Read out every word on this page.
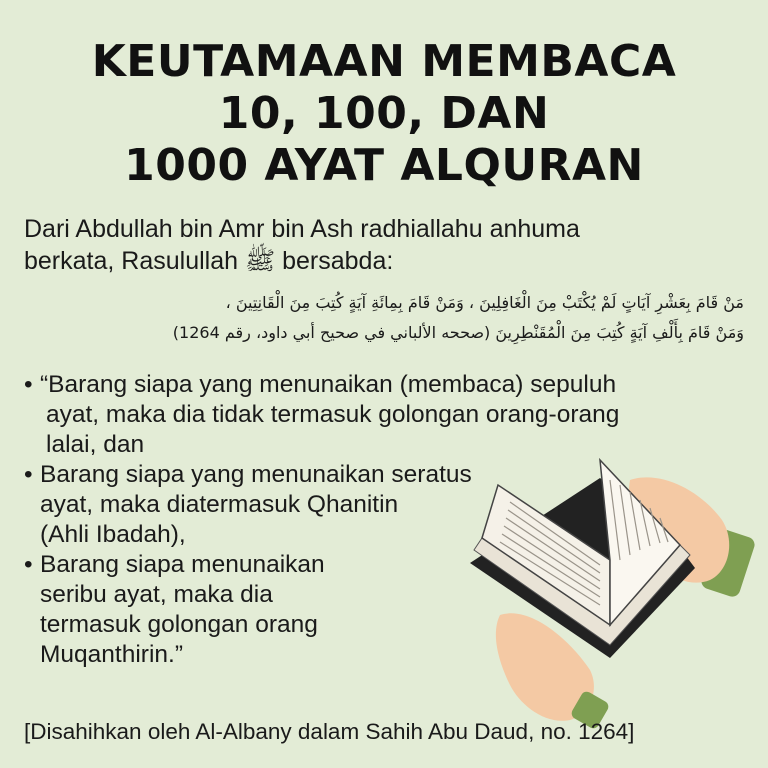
KEUTAMAAN MEMBACA
10, 100, DAN
1000 AYAT ALQURAN
Dari Abdullah bin Amr bin Ash radhiallahu anhuma
berkata, Rasulullah ﷺ bersabda:
مَنْ قَامَ بِعَشْرِ آيَاتٍ لَمْ يُكْتَبْ مِنَ الْغَافِلِينَ ، وَمَنْ قَامَ بِمِائَةِ آيَةٍ كُتِبَ مِنَ الْقَانِتِينَ ،
وَمَنْ قَامَ بِأَلْفِ آيَةٍ كُتِبَ مِنَ الْمُقَنْطِرِينَ (صححه الألباني في صحيح أبي داود، رقم 1264)
• “Barang siapa yang menunaikan (membaca) sepuluh
ayat, maka dia tidak termasuk golongan orang-orang
lalai, dan
• Barang siapa yang menunaikan seratus
ayat, maka diatermasuk Qhanitin
(Ahli Ibadah),
• Barang siapa menunaikan
seribu ayat, maka dia
termasuk golongan orang
Muqanthirin.”
[Disahihkan oleh Al-Albany dalam Sahih Abu Daud, no. 1264]
